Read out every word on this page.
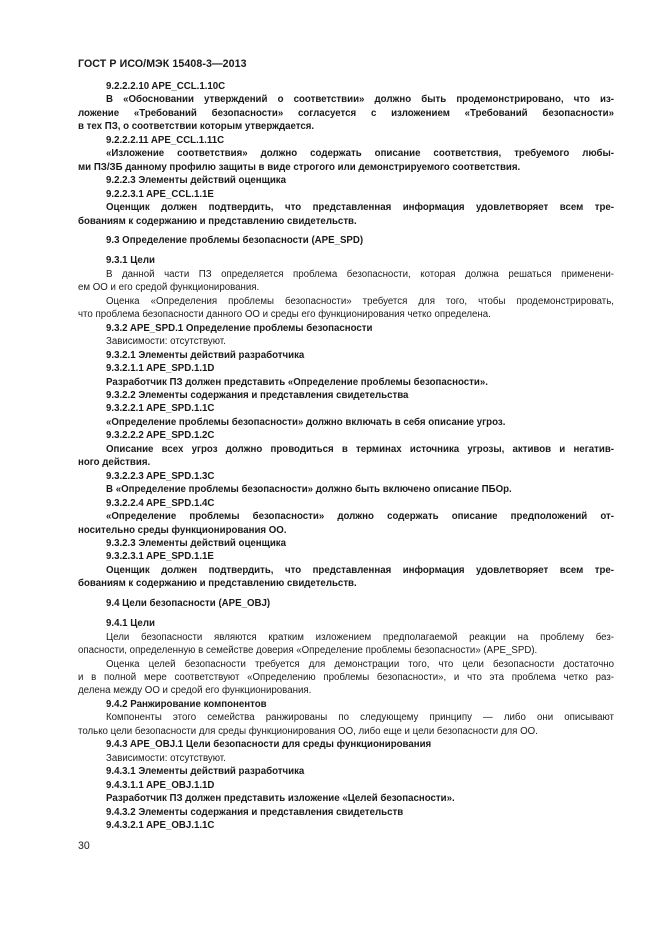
ГОСТ Р ИСО/МЭК 15408-3—2013
9.2.2.2.10 APE_CCL.1.10C
В «Обосновании утверждений о соответствии» должно быть продемонстрировано, что из-
ложение «Требований безопасности» согласуется с изложением «Требований безопасности»
в тех ПЗ, о соответствии которым утверждается.
9.2.2.2.11 APE_CCL.1.11C
«Изложение соответствия» должно содержать описание соответствия, требуемого любы-
ми ПЗ/ЗБ данному профилю защиты в виде строгого или демонстрируемого соответствия.
9.2.2.3 Элементы действий оценщика
9.2.2.3.1 APE_CCL.1.1E
Оценщик должен подтвердить, что представленная информация удовлетворяет всем тре-
бованиям к содержанию и представлению свидетельств.
9.3 Определение проблемы безопасности (APE_SPD)
9.3.1 Цели
В данной части ПЗ определяется проблема безопасности, которая должна решаться применени-
ем ОО и его средой функционирования.
Оценка «Определения проблемы безопасности» требуется для того, чтобы продемонстрировать,
что проблема безопасности данного ОО и среды его функционирования четко определена.
9.3.2 APE_SPD.1 Определение проблемы безопасности
Зависимости: отсутствуют.
9.3.2.1 Элементы действий разработчика
9.3.2.1.1 APE_SPD.1.1D
Разработчик ПЗ должен представить «Определение проблемы безопасности».
9.3.2.2 Элементы содержания и представления свидетельства
9.3.2.2.1 APE_SPD.1.1C
«Определение проблемы безопасности» должно включать в себя описание угроз.
9.3.2.2.2 APE_SPD.1.2C
Описание всех угроз должно проводиться в терминах источника угрозы, активов и негатив-
ного действия.
9.3.2.2.3 APE_SPD.1.3C
В «Определение проблемы безопасности» должно быть включено описание ПБОр.
9.3.2.2.4 APE_SPD.1.4C
«Определение проблемы безопасности» должно содержать описание предположений от-
носительно среды функционирования ОО.
9.3.2.3 Элементы действий оценщика
9.3.2.3.1 APE_SPD.1.1E
Оценщик должен подтвердить, что представленная информация удовлетворяет всем тре-
бованиям к содержанию и представлению свидетельств.
9.4 Цели безопасности (APE_OBJ)
9.4.1 Цели
Цели безопасности являются кратким изложением предполагаемой реакции на проблему без-
опасности, определенную в семействе доверия «Определение проблемы безопасности» (APE_SPD).
Оценка целей безопасности требуется для демонстрации того, что цели безопасности достаточно
и в полной мере соответствуют «Определению проблемы безопасности», и что эта проблема четко раз-
делена между ОО и средой его функционирования.
9.4.2 Ранжирование компонентов
Компоненты этого семейства ранжированы по следующему принципу — либо они описывают
только цели безопасности для среды функционирования ОО, либо еще и цели безопасности для ОО.
9.4.3 APE_OBJ.1 Цели безопасности для среды функционирования
Зависимости: отсутствуют.
9.4.3.1 Элементы действий разработчика
9.4.3.1.1 APE_OBJ.1.1D
Разработчик ПЗ должен представить изложение «Целей безопасности».
9.4.3.2 Элементы содержания и представления свидетельств
9.4.3.2.1 APE_OBJ.1.1C
30
